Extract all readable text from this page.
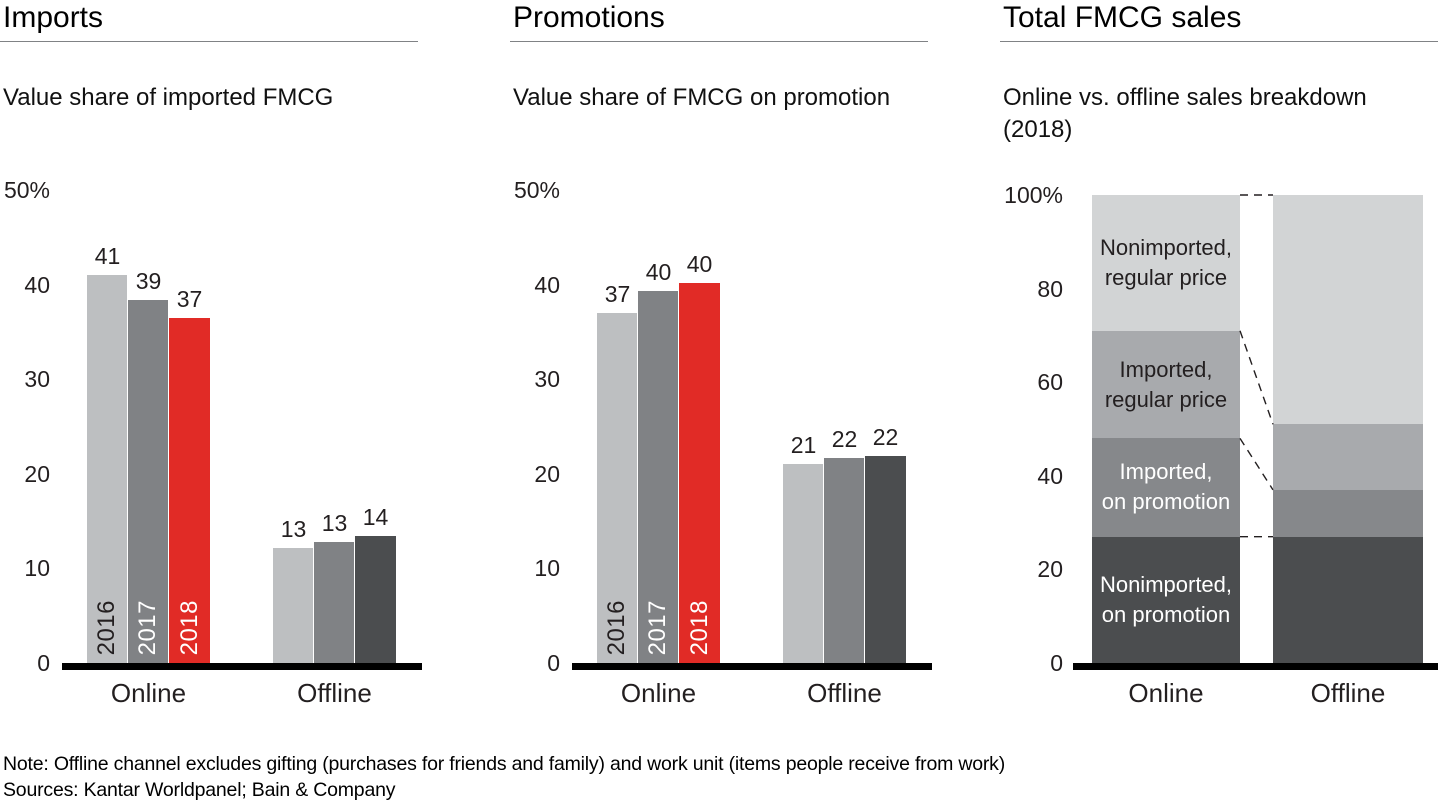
Imports
Value share of imported FMCG
50%
40
30
20
10
0
2016
41
2017
39
2018
37
Online
13 13 14
Offline
Promotions
Value share of FMCG on promotion
50%
40
30
20
10
0
2016
37
2017
40
2018
40
Online
21 22 22
Offline
Total FMCG sales
Online vs. offline sales breakdown (2018)
100%
80
60
40
20
0
Nonimported,
on promotion
Imported,
on promotion
Imported,
regular price
Nonimported,
regular price
Online	Offline
Note: Offline channel excludes gifting (purchases for friends and family) and work unit (items people receive from work)
Sources: Kantar Worldpanel; Bain & Company
